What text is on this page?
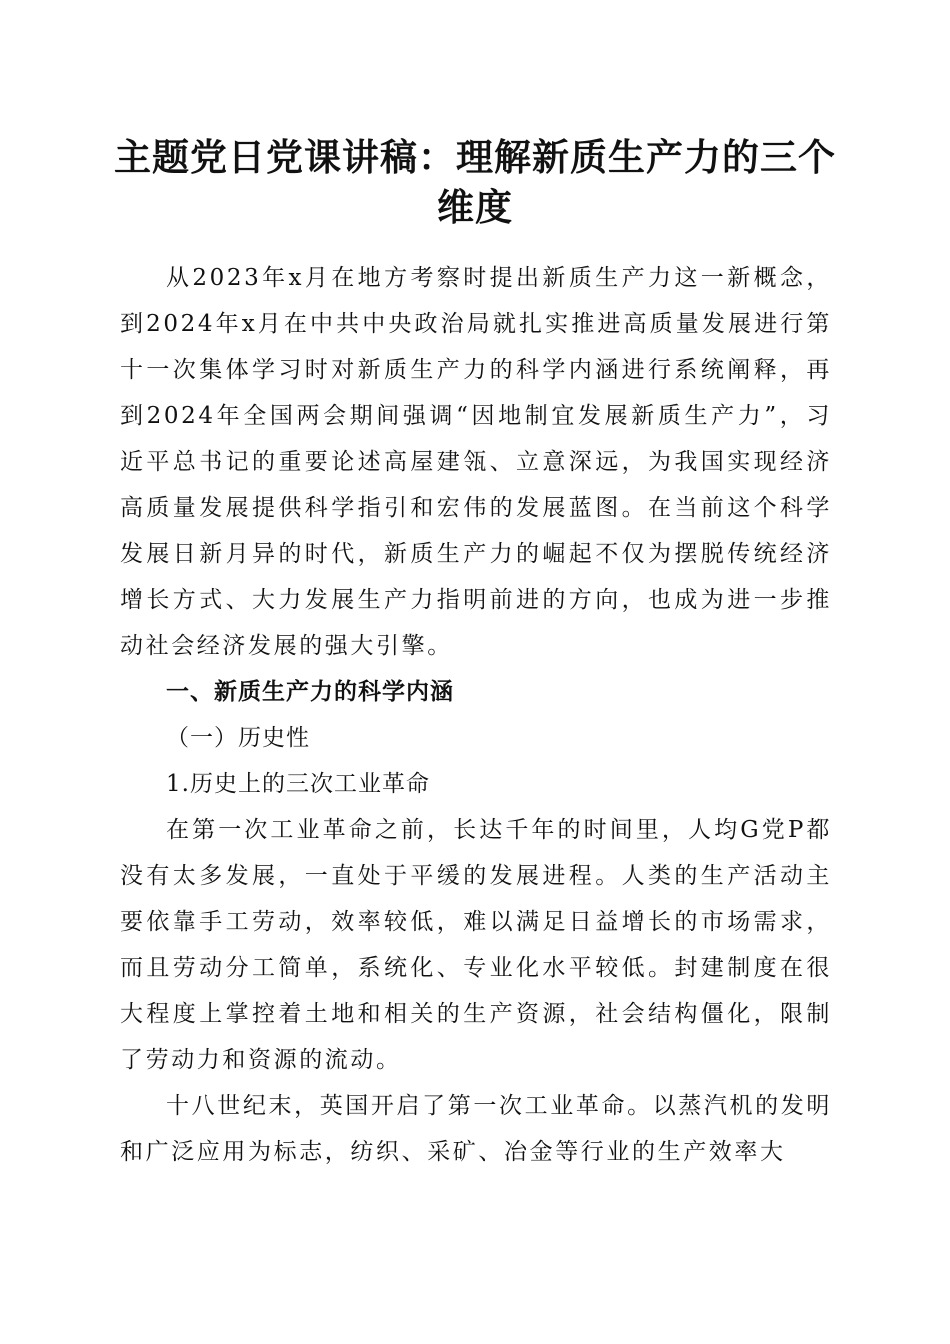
主题党日党课讲稿：理解新质生产力的三个维度

从2023年x月在地方考察时提出新质生产力这一新概念，到2024年x月在中共中央政治局就扎实推进高质量发展进行第十一次集体学习时对新质生产力的科学内涵进行系统阐释，再到2024年全国两会期间强调“因地制宜发展新质生产力”，习近平总书记的重要论述高屋建瓴、立意深远，为我国实现经济高质量发展提供科学指引和宏伟的发展蓝图。在当前这个科学发展日新月异的时代，新质生产力的崛起不仅为摆脱传统经济增长方式、大力发展生产力指明前进的方向，也成为进一步推动社会经济发展的强大引擎。

一、新质生产力的科学内涵

（一）历史性

1.历史上的三次工业革命

在第一次工业革命之前，长达千年的时间里，人均G党P都没有太多发展，一直处于平缓的发展进程。人类的生产活动主要依靠手工劳动，效率较低，难以满足日益增长的市场需求，而且劳动分工简单，系统化、专业化水平较低。封建制度在很大程度上掌控着土地和相关的生产资源，社会结构僵化，限制了劳动力和资源的流动。

十八世纪末，英国开启了第一次工业革命。以蒸汽机的发明和广泛应用为标志，纺织、采矿、冶金等行业的生产效率大
